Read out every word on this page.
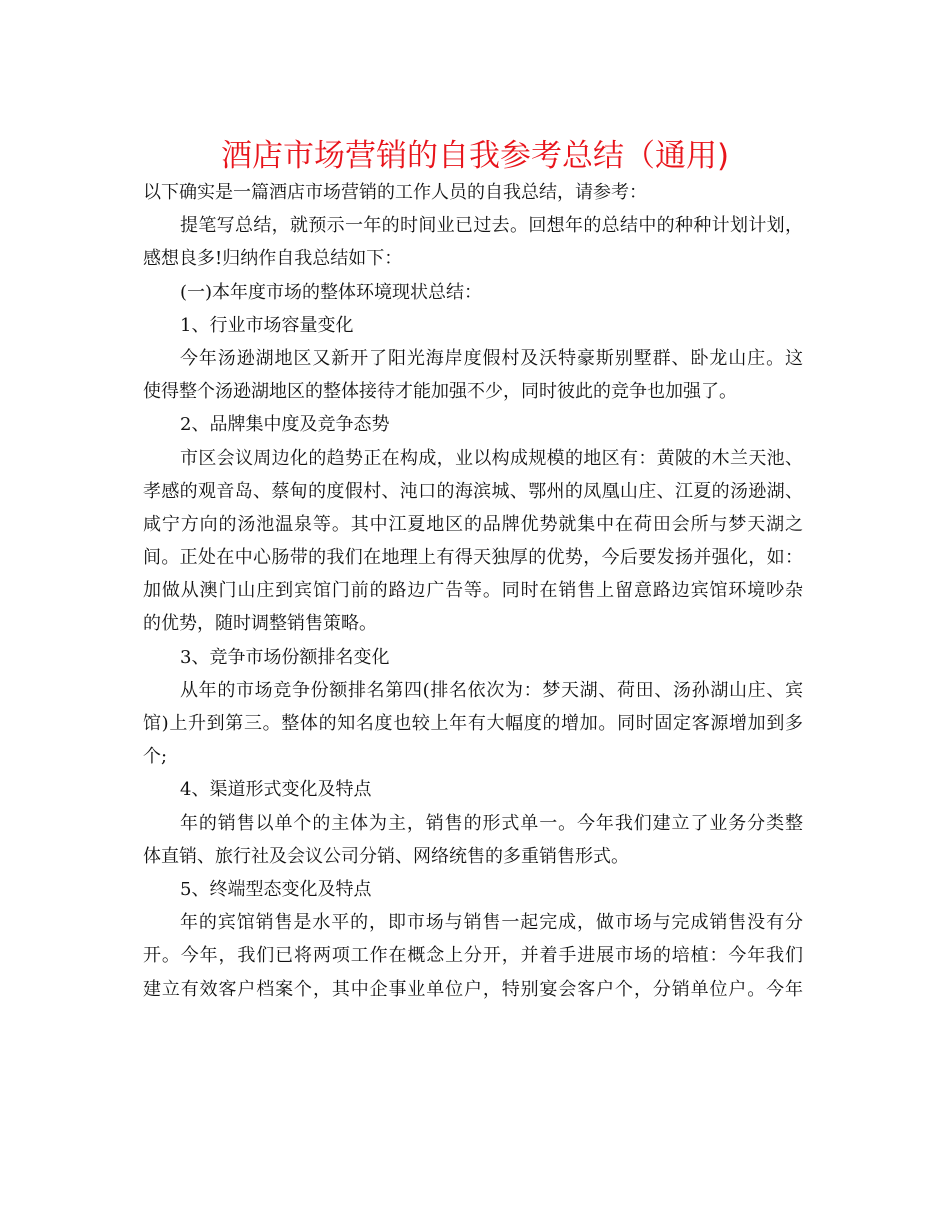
酒店市场营销的自我参考总结（通用)
以下确实是一篇酒店市场营销的工作人员的自我总结，请参考：
提笔写总结，就预示一年的时间业已过去。回想年的总结中的种种计划计划，
感想良多!归纳作自我总结如下：
(一)本年度市场的整体环境现状总结：
1、行业市场容量变化
今年汤逊湖地区又新开了阳光海岸度假村及沃特豪斯别墅群、卧龙山庄。这
使得整个汤逊湖地区的整体接待才能加强不少，同时彼此的竞争也加强了。
2、品牌集中度及竞争态势
市区会议周边化的趋势正在构成，业以构成规模的地区有：黄陂的木兰天池、
孝感的观音岛、蔡甸的度假村、沌口的海滨城、鄂州的凤凰山庄、江夏的汤逊湖、
咸宁方向的汤池温泉等。其中江夏地区的品牌优势就集中在荷田会所与梦天湖之
间。正处在中心肠带的我们在地理上有得天独厚的优势，今后要发扬并强化，如：
加做从澳门山庄到宾馆门前的路边广告等。同时在销售上留意路边宾馆环境吵杂
的优势，随时调整销售策略。
3、竞争市场份额排名变化
从年的市场竞争份额排名第四(排名依次为：梦天湖、荷田、汤孙湖山庄、宾
馆)上升到第三。整体的知名度也较上年有大幅度的增加。同时固定客源增加到多
个;
4、渠道形式变化及特点
年的销售以单个的主体为主，销售的形式单一。今年我们建立了业务分类整
体直销、旅行社及会议公司分销、网络统售的多重销售形式。
5、终端型态变化及特点
年的宾馆销售是水平的，即市场与销售一起完成，做市场与完成销售没有分
开。今年，我们已将两项工作在概念上分开，并着手进展市场的培植：今年我们
建立有效客户档案个，其中企事业单位户，特别宴会客户个，分销单位户。今年
